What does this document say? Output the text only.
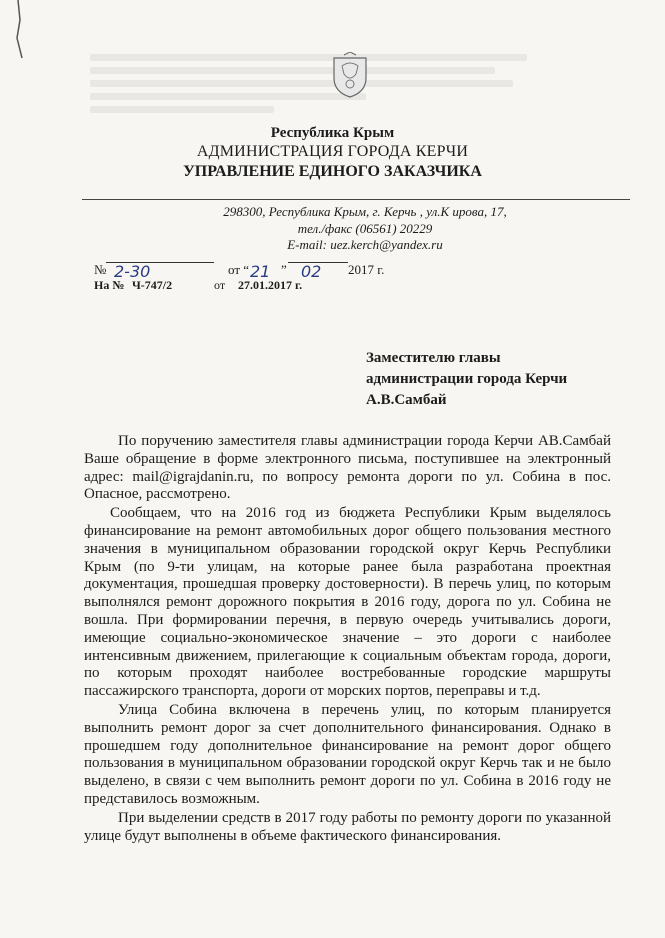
Республика Крым
АДМИНИСТРАЦИЯ ГОРОДА КЕРЧИ
УПРАВЛЕНИЕ ЕДИНОГО ЗАКАЗЧИКА
298300, Республика Крым, г. Керчь , ул.К ирова, 17,
тел./факс (06561) 20229
E-mail: uez.kerch@yandex.ru
№ 2-30	от “ 21 ” 02 2017 г.
На № Ч-747/2	от 27.01.2017 г.
Заместителю главы
администрации города Керчи
А.В.Самбай

По поручению заместителя главы администрации города Керчи АВ.Самбай Ваше обращение в форме электронного письма, поступившее на электронный адрес: mail@igrajdanin.ru, по вопросу ремонта дороги по ул. Собина в пос. Опасное, рассмотрено.

Сообщаем, что на 2016 год из бюджета Республики Крым выделялось финансирование на ремонт автомобильных дорог общего пользования местного значения в муниципальном образовании городской округ Керчь Республики Крым (по 9-ти улицам, на которые ранее была разработана проектная документация, прошедшая проверку достоверности). В перечь улиц, по которым выполнялся ремонт дорожного покрытия в 2016 году, дорога по ул. Собина не вошла. При формировании перечня, в первую очередь учитывались дороги, имеющие социально-экономическое значение – это дороги с наиболее интенсивным движением, прилегающие к социальным объектам города, дороги, по которым проходят наиболее востребованные городские маршруты пассажирского транспорта, дороги от морских портов, переправы и т.д.

Улица Собина включена в перечень улиц, по которым планируется выполнить ремонт дорог за счет дополнительного финансирования. Однако в прошедшем году дополнительное финансирование на ремонт дорог общего пользования в муниципальном образовании городской округ Керчь так и не было выделено, в связи с чем выполнить ремонт дороги по ул. Собина в 2016 году не представилось возможным.

При выделении средств в 2017 году работы по ремонту дороги по указанной улице будут выполнены в объеме фактического финансирования.
